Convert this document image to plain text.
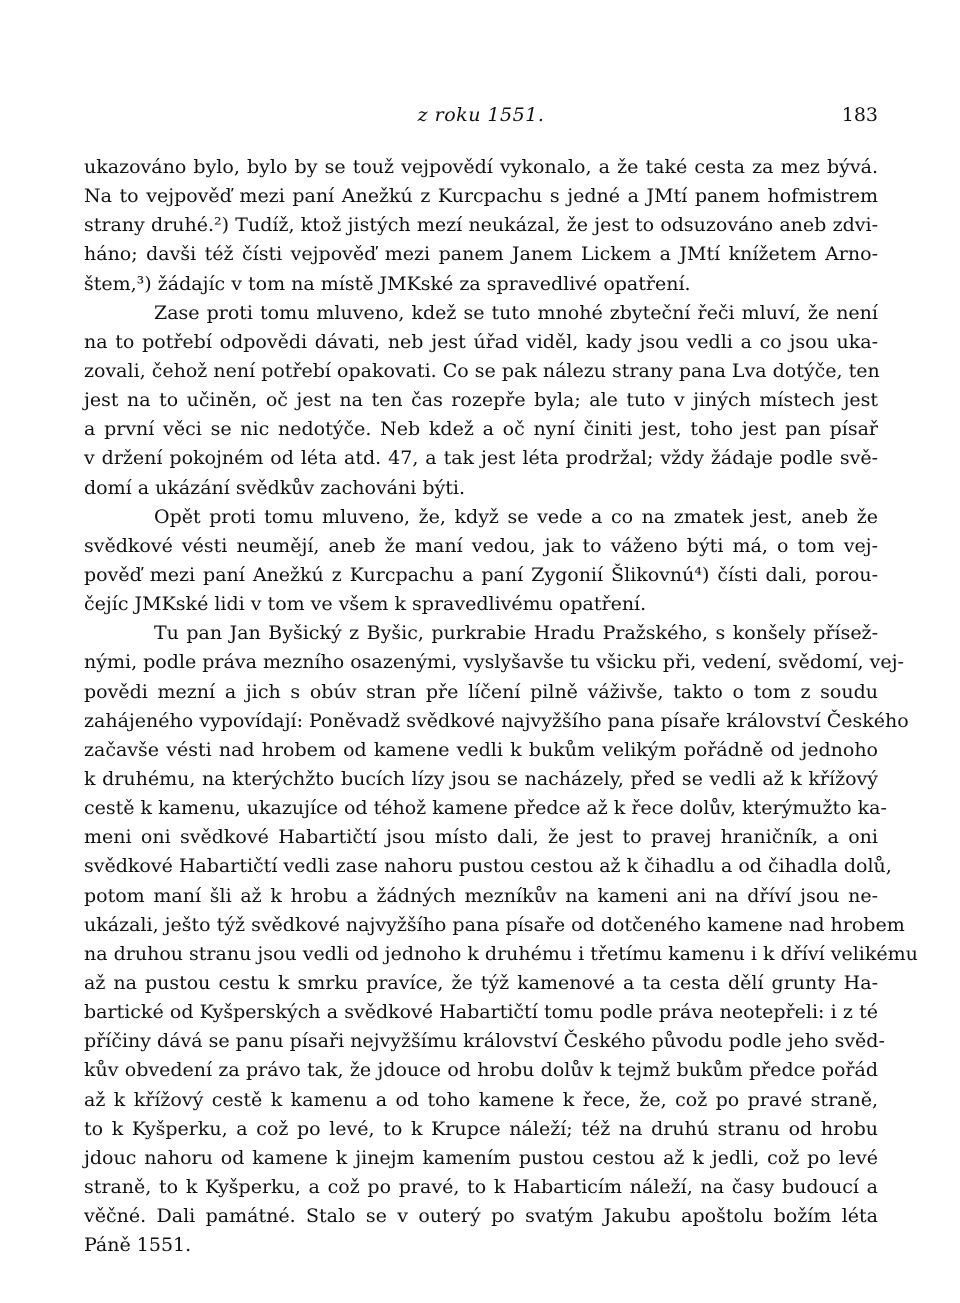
z roku 1551.	183
ukazováno bylo, bylo by se touž vejpovědí vykonalo, a že také cesta za mez bývá.
Na to vejpověď mezi paní Anežkú z Kurcpachu s jedné a JMtí panem hofmistrem
strany druhé.²) Tudíž, ktož jistých mezí neukázal, že jest to odsuzováno aneb zdvi-
háno; davši též čísti vejpověď mezi panem Janem Lickem a JMtí knížetem Arno-
štem,³) žádajíc v tom na místě JMKské za spravedlivé opatření.
Zase proti tomu mluveno, kdež se tuto mnohé zbyteční řeči mluví, že není
na to potřebí odpovědi dávati, neb jest úřad viděl, kady jsou vedli a co jsou uka-
zovali, čehož není potřebí opakovati. Co se pak nálezu strany pana Lva dotýče, ten
jest na to učiněn, oč jest na ten čas rozepře byla; ale tuto v jiných místech jest
a první věci se nic nedotýče. Neb kdež a oč nyní činiti jest, toho jest pan písař
v držení pokojném od léta atd. 47, a tak jest léta prodržal; vždy žádaje podle svě-
domí a ukázání svědkův zachováni býti.
Opět proti tomu mluveno, že, když se vede a co na zmatek jest, aneb že
svědkové vésti neumějí, aneb že maní vedou, jak to váženo býti má, o tom vej-
pověď mezi paní Anežkú z Kurcpachu a paní Zygonií Šlikovnú⁴) čísti dali, porou-
čejíc JMKské lidi v tom ve všem k spravedlivému opatření.
Tu pan Jan Byšický z Byšic, purkrabie Hradu Pražského, s konšely přísež-
nými, podle práva mezního osazenými, vyslyšavše tu všicku při, vedení, svědomí, vej-
povědi mezní a jich s obúv stran pře líčení pilně váživše, takto o tom z soudu
zahájeného vypovídají: Poněvadž svědkové najvyžšího pana písaře království Českého
začavše vésti nad hrobem od kamene vedli k bukům velikým pořádně od jednoho
k druhému, na kterýchžto bucích lízy jsou se nacházely, před se vedli až k křížový
cestě k kamenu, ukazujíce od téhož kamene předce až k řece dolův, kterýmužto ka-
meni oni svědkové Habartičtí jsou místo dali, že jest to pravej hraničník, a oni
svědkové Habartičtí vedli zase nahoru pustou cestou až k čihadlu a od čihadla dolů,
potom maní šli až k hrobu a žádných mezníkův na kameni ani na dříví jsou ne-
ukázali, ješto týž svědkové najvyžšího pana písaře od dotčeného kamene nad hrobem
na druhou stranu jsou vedli od jednoho k druhému i třetímu kamenu i k dříví velikému
až na pustou cestu k smrku pravíce, že týž kamenové a ta cesta dělí grunty Ha-
bartické od Kyšperských a svědkové Habartičtí tomu podle práva neotepřeli: i z té
příčiny dává se panu písaři nejvyžšímu království Českého původu podle jeho svěd-
kův obvedení za právo tak, že jdouce od hrobu dolův k tejmž bukům předce pořád
až k křížový cestě k kamenu a od toho kamene k řece, že, což po pravé straně,
to k Kyšperku, a což po levé, to k Krupce náleží; též na druhú stranu od hrobu
jdouc nahoru od kamene k jinejm kamením pustou cestou až k jedli, což po levé
straně, to k Kyšperku, a což po pravé, to k Habarticím náleží, na časy budoucí a
věčné. Dali památné. Stalo se v outerý po svatým Jakubu apoštolu božím léta
Páně 1551.
